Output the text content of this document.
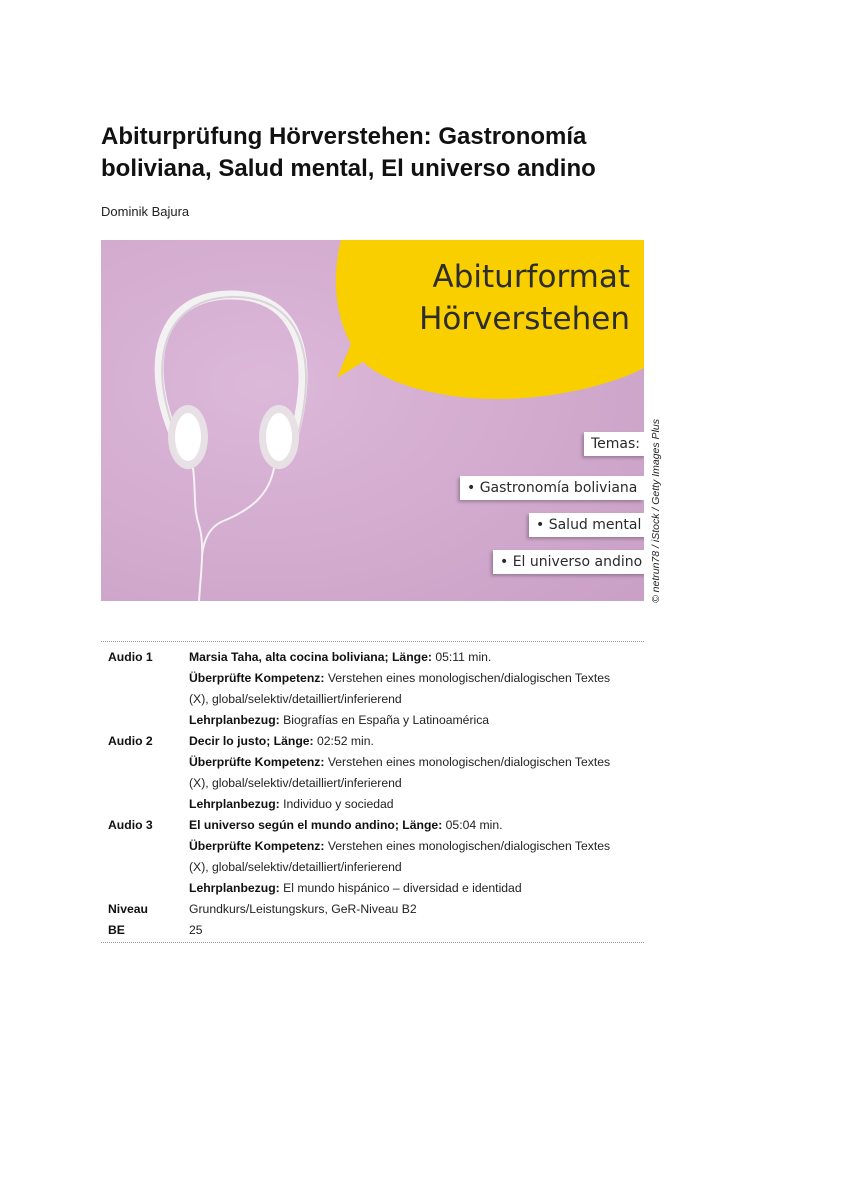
Abiturprüfung Hörverstehen: Gastronomía boliviana, Salud mental, El universo andino
Dominik Bajura
Abiturformat
Hörverstehen
Temas:
• Gastronomía boliviana
• Salud mental
• El universo andino © netrun78 / iStock / Getty Images Plus
Audio 1	Marsia Taha, alta cocina boliviana; Länge: 05:11 min.
Überprüfte Kompetenz: Verstehen eines monologischen/dialogischen Textes
(X), global/selektiv/detailliert/inferierend
Lehrplanbezug: Biografías en España y Latinoamérica
Audio 2	Decir lo justo; Länge: 02:52 min.
Überprüfte Kompetenz: Verstehen eines monologischen/dialogischen Textes
(X), global/selektiv/detailliert/inferierend
Lehrplanbezug: Individuo y sociedad
Audio 3	El universo según el mundo andino; Länge: 05:04 min.
Überprüfte Kompetenz: Verstehen eines monologischen/dialogischen Textes
(X), global/selektiv/detailliert/inferierend
Lehrplanbezug: El mundo hispánico – diversidad e identidad
Niveau	Grundkurs/Leistungskurs, GeR-Niveau B2
BE	25
